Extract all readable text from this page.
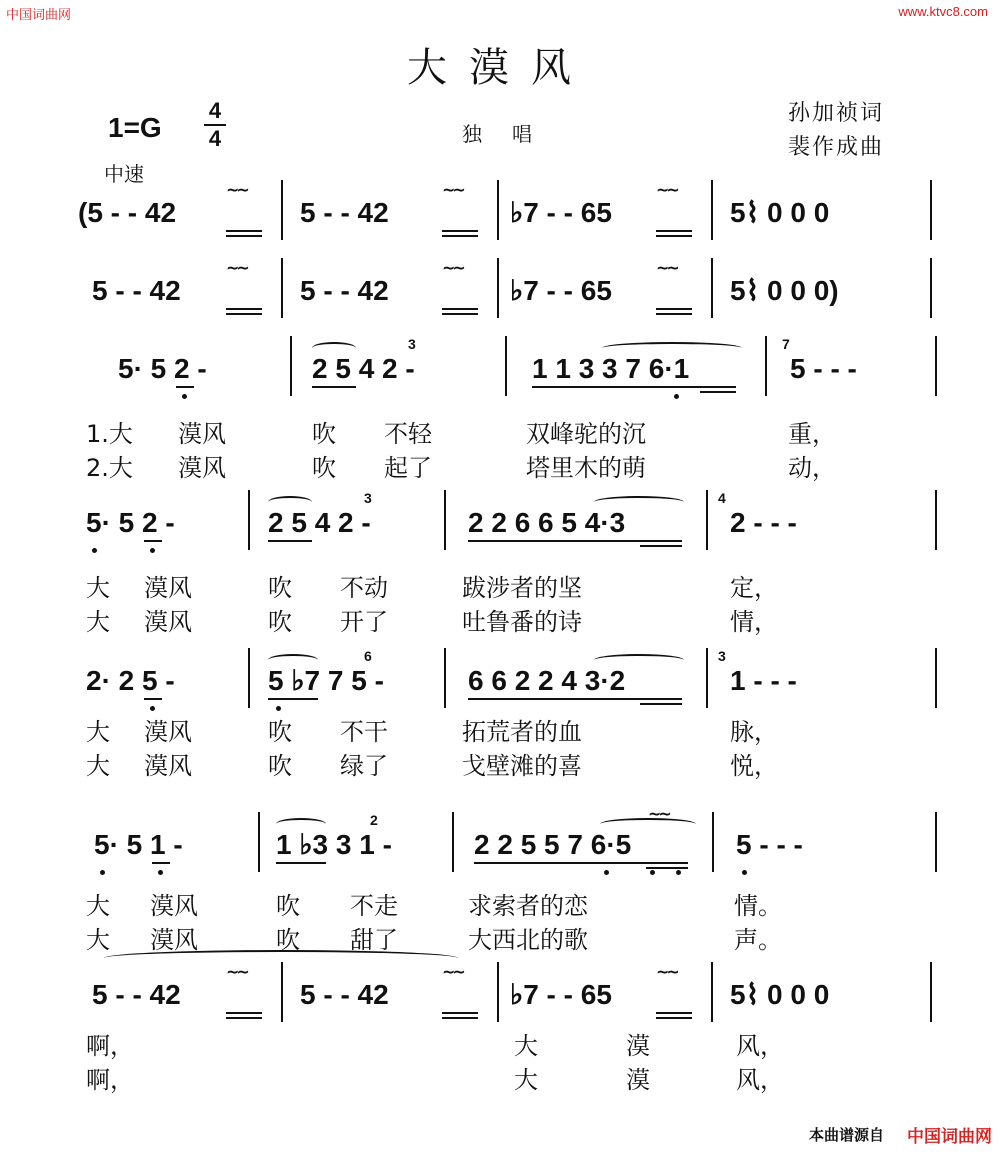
中国词曲网	www.ktvc8.com
大漠风
1=G
4
4	独唱
孙加祯词
裴作成曲
中速
~~	~~	~~
(5 - - 42	5 - - 42	♭7 - - 65	5⌇ 0 0 0
~~	~~	~~
5 - - 42	5 - - 42	♭7 - - 65	5⌇ 0 0 0)
3	7
5· 5 2 -	2 5 4 2 -	1 1 3 3 7 6·1	5 - - -
1.大 漠风	吹 不轻	双峰驼的沉	重，
2.大 漠风	吹 起了	塔里木的萌	动，
3	4
5· 5 2 -	2 5 4 2 -	2 2 6 6 5 4·3	2 - - -
大 漠风	吹 不动	跋涉者的坚	定，
大 漠风	吹 开了	吐鲁番的诗	情，
6	3
2· 2 5 -	5 ♭7 7 5 -	6 6 2 2 4 3·2	1 - - -
大 漠风	吹 不干	拓荒者的血	脉，
大 漠风	吹 绿了	戈壁滩的喜	悦，
~~
2
5· 5 1 -	1 ♭3 3 1 -	2 2 5 5 7 6·5	5 - - -
大 漠风	吹 不走	求索者的恋	情。
大 漠风	吹 甜了	大西北的歌	声。
~~	~~	~~
5 - - 42	5 - - 42	♭7 - - 65	5⌇ 0 0 0
啊，	大	漠	风，
啊，	大	漠	风，
本曲谱源自 中国词曲网
